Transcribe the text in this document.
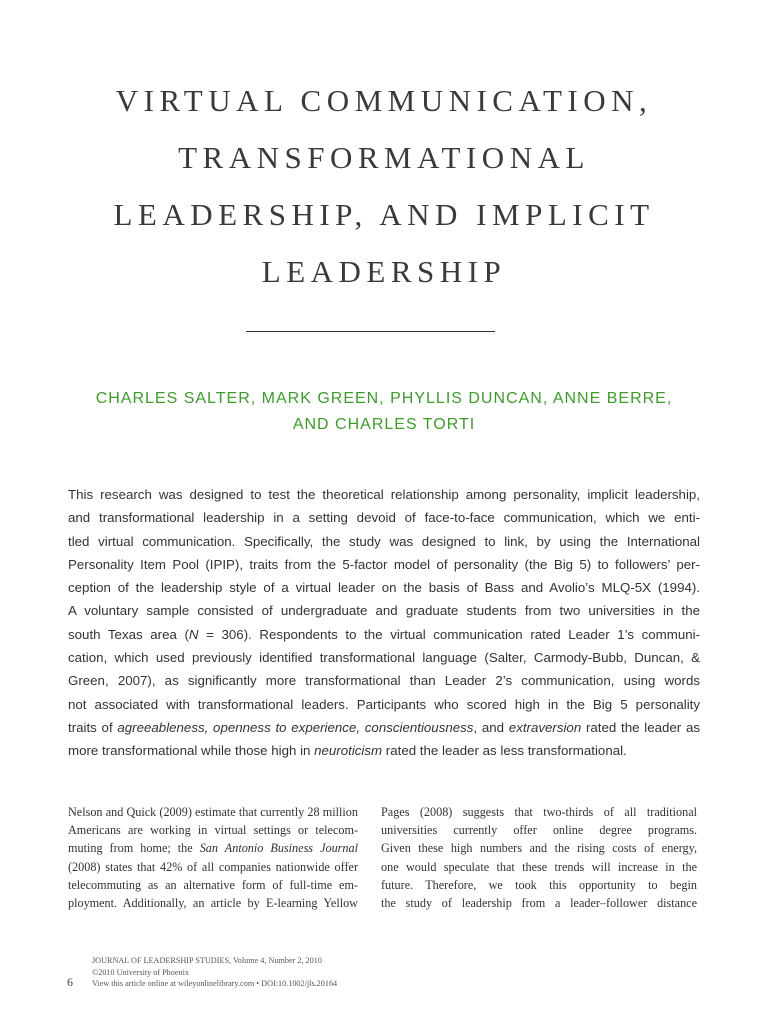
VIRTUAL COMMUNICATION,
TRANSFORMATIONAL
LEADERSHIP, AND IMPLICIT
LEADERSHIP
CHARLES SALTER, MARK GREEN, PHYLLIS DUNCAN, ANNE BERRE,
AND CHARLES TORTI
This research was designed to test the theoretical relationship among personality, implicit leadership,
and transformational leadership in a setting devoid of face-to-face communication, which we enti-
tled virtual communication. Specifically, the study was designed to link, by using the International
Personality Item Pool (IPIP), traits from the 5-factor model of personality (the Big 5) to followers’ per-
ception of the leadership style of a virtual leader on the basis of Bass and Avolio’s MLQ-5X (1994).
A voluntary sample consisted of undergraduate and graduate students from two universities in the
south Texas area (N = 306). Respondents to the virtual communication rated Leader 1’s communi-
cation, which used previously identified transformational language (Salter, Carmody-Bubb, Duncan, &
Green, 2007), as significantly more transformational than Leader 2’s communication, using words
not associated with transformational leaders. Participants who scored high in the Big 5 personality
traits of agreeableness, openness to experience, conscientiousness, and extraversion rated the leader as
more transformational while those high in neuroticism rated the leader as less transformational.
Nelson and Quick (2009) estimate that currently 28 million
Americans are working in virtual settings or telecom-
muting from home; the San Antonio Business Journal
(2008) states that 42% of all companies nationwide offer
telecommuting as an alternative form of full-time em-
ployment. Additionally, an article by E-learning Yellow
Pages (2008) suggests that two-thirds of all traditional
universities currently offer online degree programs.
Given these high numbers and the rising costs of energy,
one would speculate that these trends will increase in the
future. Therefore, we took this opportunity to begin
the study of leadership from a leader–follower distance
6
JOURNAL OF LEADERSHIP STUDIES, Volume 4, Number 2, 2010
©2010 University of Phoenix
View this article online at wileyonlinelibrary.com • DOI:10.1002/jls.20164
